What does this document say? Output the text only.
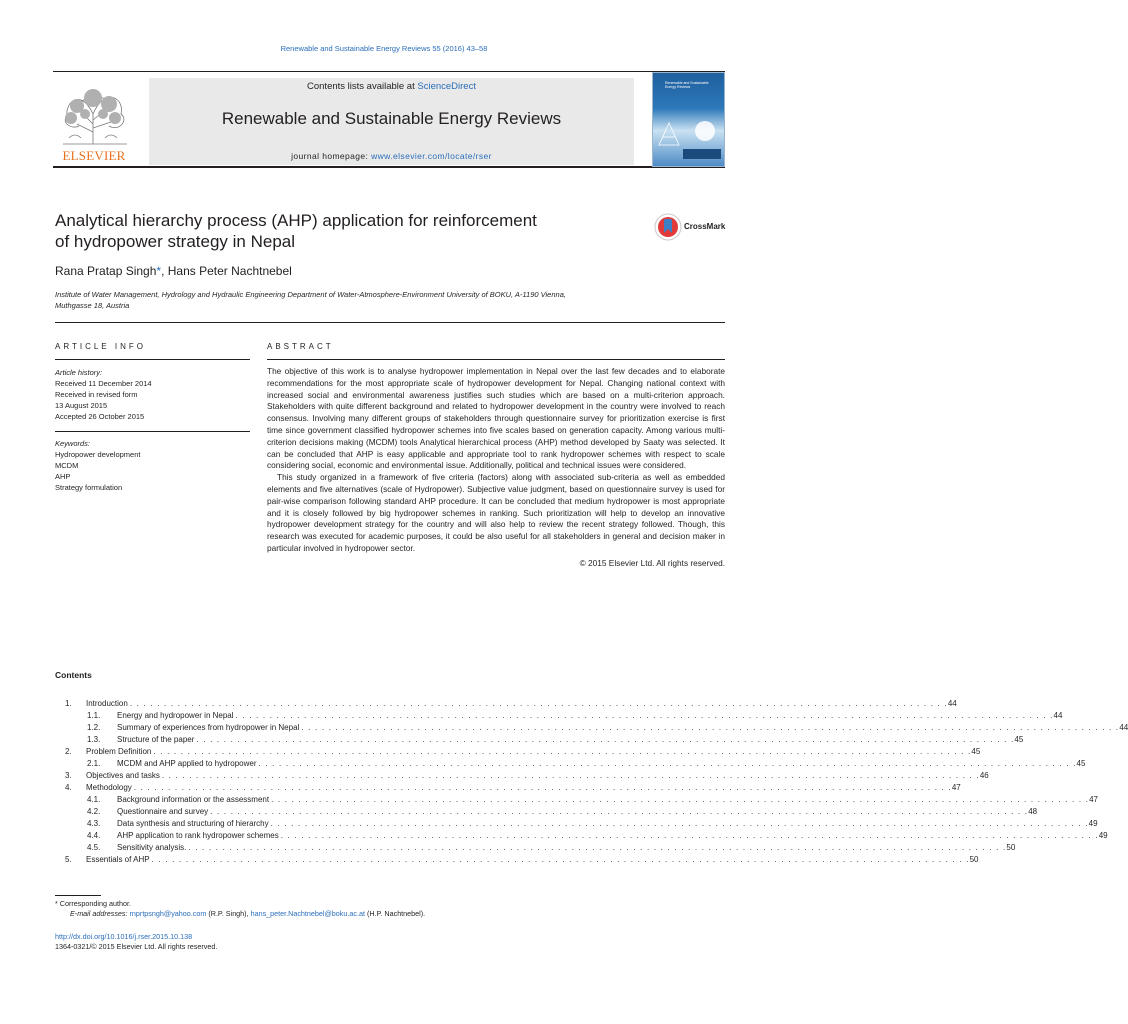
Renewable and Sustainable Energy Reviews 55 (2016) 43–58
ELSEVIER
Contents lists available at ScienceDirect
Renewable and Sustainable Energy Reviews
journal homepage: www.elsevier.com/locate/rser
Renewable and Sustainable Energy Reviews
Analytical hierarchy process (AHP) application for reinforcement
of hydropower strategy in Nepal
CrossMark
Rana Pratap Singh*, Hans Peter Nachtnebel
Institute of Water Management, Hydrology and Hydraulic Engineering Department of Water-Atmosphere-Environment University of BOKU, A-1190 Vienna,
Muthgasse 18, Austria
ARTICLE INFO	ABSTRACT
Article history:
Received 11 December 2014
Received in revised form
13 August 2015
Accepted 26 October 2015
Keywords:
Hydropower development
MCDM
AHP
Strategy formulation

The objective of this work is to analyse hydropower implementation in Nepal over the last few decades and to elaborate recommendations for the most appropriate scale of hydropower development for Nepal. Changing national context with increased social and environmental awareness justifies such studies which are based on a multi-criterion approach. Stakeholders with quite different background and related to hydropower development in the country were involved to reach consensus. Involving many different groups of stakeholders through questionnaire survey for prioritization exercise is first time since government classified hydropower schemes into five scales based on generation capacity. Among various multi-criterion decisions making (MCDM) tools Analytical hierarchical process (AHP) method developed by Saaty was selected. It can be concluded that AHP is easy applicable and appropriate tool to rank hydropower schemes with respect to scale considering social, economic and environmental issue. Additionally, political and technical issues were considered.

This study organized in a framework of five criteria (factors) along with associated sub-criteria as well as embedded elements and five alternatives (scale of Hydropower). Subjective value judgment, based on questionnaire survey is used for pair-wise comparison following standard AHP procedure. It can be concluded that medium hydropower is most appropriate and it is closely followed by big hydropower schemes in ranking. Such prioritization will help to develop an innovative hydropower development strategy for the country and will also help to review the recent strategy followed. Though, this research was executed for academic purposes, it could be also useful for all stakeholders in general and decision maker in particular involved in hydropower sector.

© 2015 Elsevier Ltd. All rights reserved.
Contents
1. Introduction . . . . . . . . . . . . . . . . . . . . . . . . . . . . . . . . . . . . . . . . . . . . . . . . . . . . . . . . . . . . . . . . . . . . . . . . . . . . . . . . . . . . . . . . . . . . . . . . . . . . . . . . . . . . . . . . . . . . . . . . 44
1.1. Energy and hydropower in Nepal . . . . . . . . . . . . . . . . . . . . . . . . . . . . . . . . . . . . . . . . . . . . . . . . . . . . . . . . . . . . . . . . . . . . . . . . . . . . . . . . . . . . . . . . . . . . . . . . . . . . . . . . . . . . . . . . . . . . . . . . 44
1.2. Summary of experiences from hydropower in Nepal . . . . . . . . . . . . . . . . . . . . . . . . . . . . . . . . . . . . . . . . . . . . . . . . . . . . . . . . . . . . . . . . . . . . . . . . . . . . . . . . . . . . . . . . . . . . . . . . . . . . . . . . . . . . . . . . . . . . . . . . 44
1.3. Structure of the paper . . . . . . . . . . . . . . . . . . . . . . . . . . . . . . . . . . . . . . . . . . . . . . . . . . . . . . . . . . . . . . . . . . . . . . . . . . . . . . . . . . . . . . . . . . . . . . . . . . . . . . . . . . . . . . . . . . . . . . . . 45
2. Problem Definition . . . . . . . . . . . . . . . . . . . . . . . . . . . . . . . . . . . . . . . . . . . . . . . . . . . . . . . . . . . . . . . . . . . . . . . . . . . . . . . . . . . . . . . . . . . . . . . . . . . . . . . . . . . . . . . . . . . . . . . . 45
2.1. MCDM and AHP applied to hydropower . . . . . . . . . . . . . . . . . . . . . . . . . . . . . . . . . . . . . . . . . . . . . . . . . . . . . . . . . . . . . . . . . . . . . . . . . . . . . . . . . . . . . . . . . . . . . . . . . . . . . . . . . . . . . . . . . . . . . . . . 45
3. Objectives and tasks . . . . . . . . . . . . . . . . . . . . . . . . . . . . . . . . . . . . . . . . . . . . . . . . . . . . . . . . . . . . . . . . . . . . . . . . . . . . . . . . . . . . . . . . . . . . . . . . . . . . . . . . . . . . . . . . . . . . . . . . 46
4. Methodology . . . . . . . . . . . . . . . . . . . . . . . . . . . . . . . . . . . . . . . . . . . . . . . . . . . . . . . . . . . . . . . . . . . . . . . . . . . . . . . . . . . . . . . . . . . . . . . . . . . . . . . . . . . . . . . . . . . . . . . . 47
4.1. Background information or the assessment . . . . . . . . . . . . . . . . . . . . . . . . . . . . . . . . . . . . . . . . . . . . . . . . . . . . . . . . . . . . . . . . . . . . . . . . . . . . . . . . . . . . . . . . . . . . . . . . . . . . . . . . . . . . . . . . . . . . . . . . 47
4.2. Questionnaire and survey . . . . . . . . . . . . . . . . . . . . . . . . . . . . . . . . . . . . . . . . . . . . . . . . . . . . . . . . . . . . . . . . . . . . . . . . . . . . . . . . . . . . . . . . . . . . . . . . . . . . . . . . . . . . . . . . . . . . . . . . 48
4.3. Data synthesis and structuring of hierarchy . . . . . . . . . . . . . . . . . . . . . . . . . . . . . . . . . . . . . . . . . . . . . . . . . . . . . . . . . . . . . . . . . . . . . . . . . . . . . . . . . . . . . . . . . . . . . . . . . . . . . . . . . . . . . . . . . . . . . . . . 49
4.4. AHP application to rank hydropower schemes . . . . . . . . . . . . . . . . . . . . . . . . . . . . . . . . . . . . . . . . . . . . . . . . . . . . . . . . . . . . . . . . . . . . . . . . . . . . . . . . . . . . . . . . . . . . . . . . . . . . . . . . . . . . . . . . . . . . . . . . 49
4.5. Sensitivity analysis. . . . . . . . . . . . . . . . . . . . . . . . . . . . . . . . . . . . . . . . . . . . . . . . . . . . . . . . . . . . . . . . . . . . . . . . . . . . . . . . . . . . . . . . . . . . . . . . . . . . . . . . . . . . . . . . . . . . . . . . . 50
5. Essentials of AHP . . . . . . . . . . . . . . . . . . . . . . . . . . . . . . . . . . . . . . . . . . . . . . . . . . . . . . . . . . . . . . . . . . . . . . . . . . . . . . . . . . . . . . . . . . . . . . . . . . . . . . . . . . . . . . . . . . . . . . . . 50
* Corresponding author.
E-mail addresses: rnprtpsngh@yahoo.com (R.P. Singh), hans_peter.Nachtnebel@boku.ac.at (H.P. Nachtnebel).
http://dx.doi.org/10.1016/j.rser.2015.10.138
1364-0321/© 2015 Elsevier Ltd. All rights reserved.
